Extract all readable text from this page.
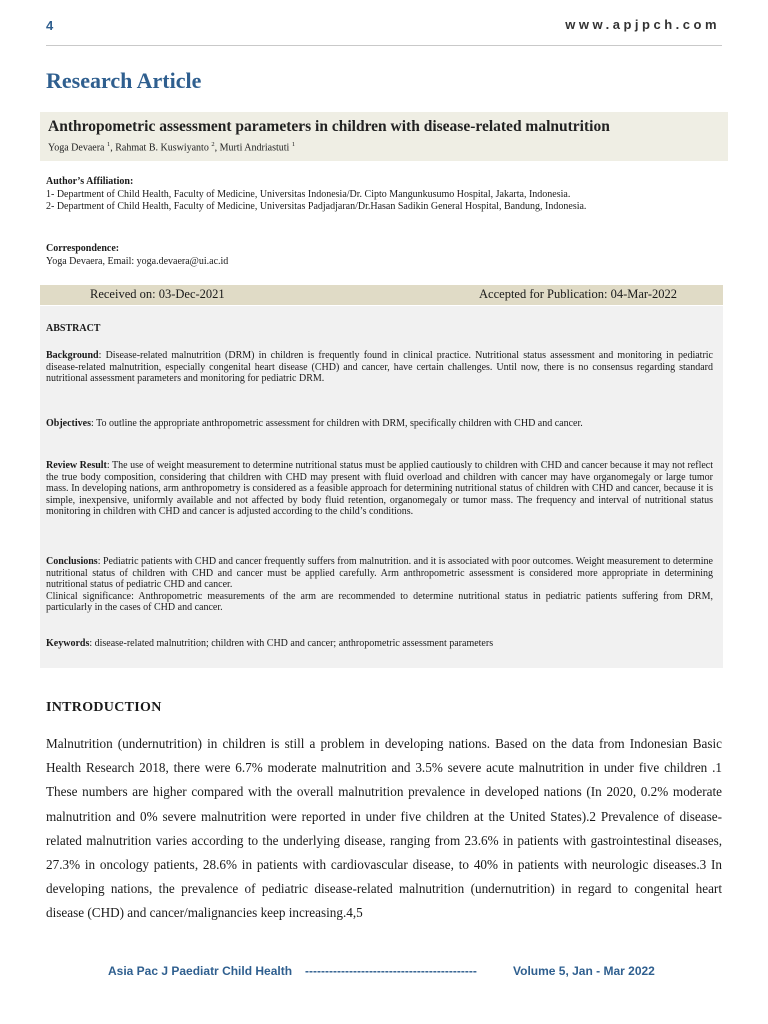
4	www.apjpch.com
Research Article
Anthropometric assessment parameters in children with disease-related malnutrition
Yoga Devaera $^1$, Rahmat B. Kuswiyanto $^2$, Murti Andriastuti $^1$
Author’s Affiliation:
1- Department of Child Health, Faculty of Medicine, Universitas Indonesia/Dr. Cipto Mangunkusumo Hospital, Jakarta, Indonesia.
2- Department of Child Health, Faculty of Medicine, Universitas Padjadjaran/Dr.Hasan Sadikin General Hospital, Bandung, Indonesia.
Correspondence:
Yoga Devaera, Email: yoga.devaera@ui.ac.id
Received on: 03-Dec-2021	Accepted for Publication: 04-Mar-2022
ABSTRACT
Background: Disease-related malnutrition (DRM) in children is frequently found in clinical practice. Nutritional status assessment and monitoring in pediatric disease-related malnutrition, especially congenital heart disease (CHD) and cancer, have certain challenges. Until now, there is no consensus regarding standard nutritional assessment parameters and monitoring for pediatric DRM.
Objectives: To outline the appropriate anthropometric assessment for children with DRM, specifically children with CHD and cancer.
Review Result: The use of weight measurement to determine nutritional status must be applied cautiously to children with CHD and cancer because it may not reflect the true body composition, considering that children with CHD may present with fluid overload and children with cancer may have organomegaly or large tumor mass. In developing nations, arm anthropometry is considered as a feasible approach for determining nutritional status of children with CHD and cancer, because it is simple, inexpensive, uniformly available and not affected by body fluid retention, organomegaly or tumor mass. The frequency and interval of nutritional status monitoring in children with CHD and cancer is adjusted according to the child’s conditions.
Conclusions: Pediatric patients with CHD and cancer frequently suffers from malnutrition. and it is associated with poor outcomes. Weight measurement to determine nutritional status of children with CHD and cancer must be applied carefully. Arm anthropometric assessment is considered more appropriate in determining nutritional status of pediatric CHD and cancer.
Clinical significance: Anthropometric measurements of the arm are recommended to determine nutritional status in pediatric patients suffering from DRM, particularly in the cases of CHD and cancer.
Keywords: disease-related malnutrition; children with CHD and cancer; anthropometric assessment parameters
INTRODUCTION
Malnutrition (undernutrition) in children is still a problem in developing nations. Based on the data from Indonesian Basic Health Research 2018, there were 6.7% moderate malnutrition and 3.5% severe acute malnutrition in under five children .1 These numbers are higher compared with the overall malnutrition prevalence in developed nations (In 2020, 0.2% moderate malnutrition and 0% severe malnutrition were reported in under five children at the United States).2 Prevalence of disease-related malnutrition varies according to the underlying disease, ranging from 23.6% in patients with gastrointestinal diseases, 27.3% in oncology patients, 28.6% in patients with cardiovascular disease, to 40% in patients with neurologic diseases.3 In developing nations, the prevalence of pediatric disease-related malnutrition (undernutrition) in regard to congenital heart disease (CHD) and cancer/malignancies keep increasing.4,5
Asia Pac J Paediatr Child Health -------------------------------------------	Volume 5, Jan - Mar 2022
